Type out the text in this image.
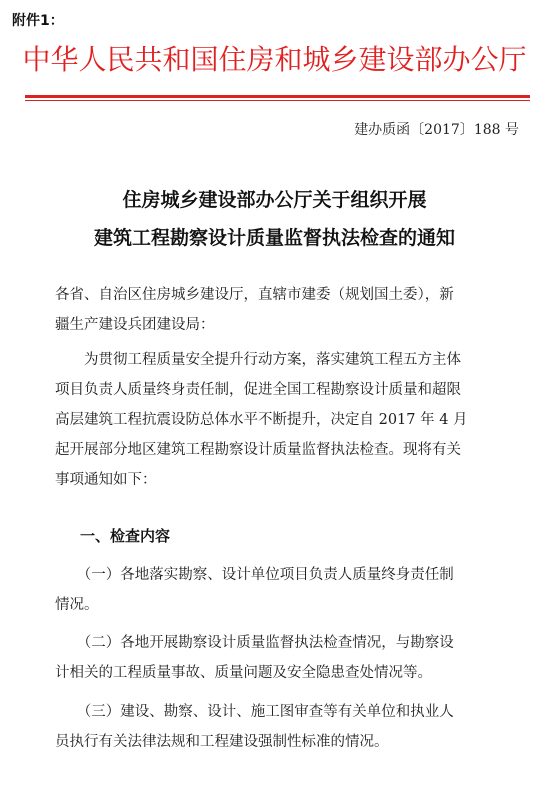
附件1：
中华人民共和国住房和城乡建设部办公厅
建办质函〔2017〕188 号
住房城乡建设部办公厅关于组织开展
建筑工程勘察设计质量监督执法检查的通知
各省、自治区住房城乡建设厅，直辖市建委（规划国土委），新
疆生产建设兵团建设局：
　　为贯彻工程质量安全提升行动方案，落实建筑工程五方主体
项目负责人质量终身责任制，促进全国工程勘察设计质量和超限
高层建筑工程抗震设防总体水平不断提升，决定自 2017 年 4 月
起开展部分地区建筑工程勘察设计质量监督执法检查。现将有关
事项通知如下：
一、检查内容
　　（一）各地落实勘察、设计单位项目负责人质量终身责任制
情况。
　　（二）各地开展勘察设计质量监督执法检查情况，与勘察设
计相关的工程质量事故、质量问题及安全隐患查处情况等。
　　（三）建设、勘察、设计、施工图审查等有关单位和执业人
员执行有关法律法规和工程建设强制性标准的情况。
